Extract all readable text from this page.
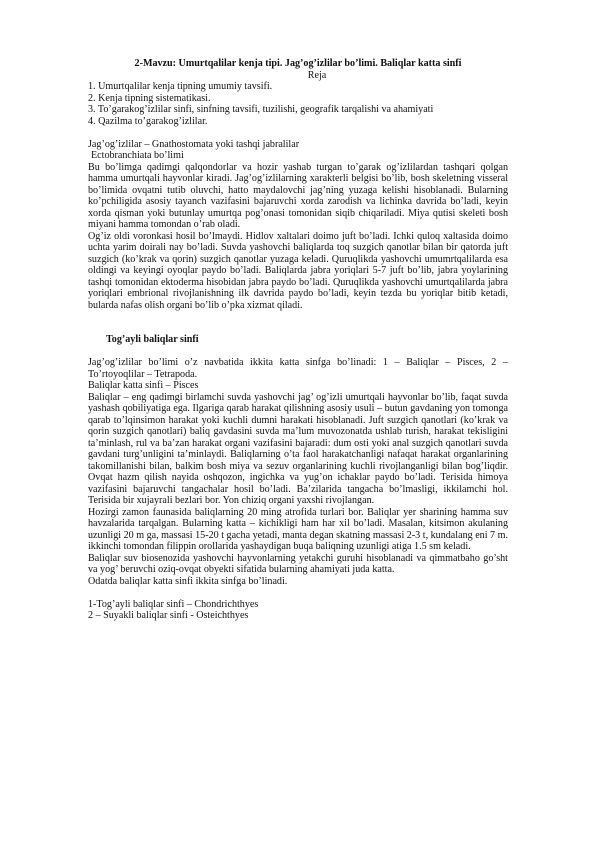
2-Mavzu: Umurtqalilar kenja tipi. Jag’og’izlilar bo’limi. Baliqlar katta sinfi
Reja
1. Umurtqalilar kenja tipning umumiy tavsifi.
2. Kenja tipning sistematikasi.
3. To’garakog’izlilar sinfi, sinfning tavsifi, tuzilishi, geografik tarqalishi va ahamiyati
4. Qazilma to’garakog’izlilar.
Jag’og’izlilar – Gnathostomata yoki tashqi jabralilar
Ectobranchiata bo’limi
Bu bo’limga qadimgi qalqondorlar va hozir yashab turgan to’garak og’izlilardan tashqari qolgan hamma umurtqali hayvonlar kiradi. Jag’og’izlilarning xarakterli belgisi bo’lib, bosh skeletning visseral bo’limida ovqatni tutib oluvchi, hatto maydalovchi jag’ning yuzaga kelishi hisoblanadi. Bularning ko’pchiligida asosiy tayanch vazifasini bajaruvchi xorda zarodish va lichinka davrida bo’ladi, keyin xorda qisman yoki butunlay umurtqa pog’onasi tomonidan siqib chiqariladi. Miya qutisi skeleti bosh miyani hamma tomondan o’rab oladi.
Og’iz oldi voronkasi hosil bo’lmaydi. Hidlov xaltalari doimo juft bo’ladi. Ichki quloq xaltasida doimo uchta yarim doirali nay bo’ladi. Suvda yashovchi baliqlarda toq suzgich qanotlar bilan bir qatorda juft suzgich (ko’krak va qorin) suzgich qanotlar yuzaga keladi. Quruqlikda yashovchi umumrtqalilarda esa oldingi va keyingi oyoqlar paydo bo’ladi. Baliqlarda jabra yoriqlari 5-7 juft bo’lib, jabra yoylarining tashqi tomonidan ektoderma hisobidan jabra paydo bo’ladi. Quruqlikda yashovchi umurtqalilarda jabra yoriqlari embrional rivojlanishning ilk davrida paydo bo’ladi, keyin tezda bu yoriqlar bitib ketadi, bularda nafas olish organi bo’lib o’pka xizmat qiladi.
Tog’ayli baliqlar sinfi
Jag’og’izlilar bo’limi o’z navbatida ikkita katta sinfga bo’linadi: 1 – Baliqlar – Pisces, 2 – To’rtoyoqlilar – Tetrapoda.
Baliqlar katta sinfi – Pisces
Baliqlar – eng qadimgi birlamchi suvda yashovchi jag’ og’izli umurtqali hayvonlar bo’lib, faqat suvda yashash qobiliyatiga ega. Ilgariga qarab harakat qilishning asosiy usuli – butun gavdaning yon tomonga qarab to’lqinsimon harakat yoki kuchli dumni harakati hisoblanadi. Juft suzgich qanotlari (ko’krak va qorin suzgich qanotlari) baliq gavdasini suvda ma’lum muvozonatda ushlab turish, harakat tekisligini ta’minlash, rul va ba’zan harakat organi vazifasini bajaradi: dum osti yoki anal suzgich qanotlari suvda gavdani turg’unligini ta’minlaydi. Baliqlarning o’ta faol harakatchanligi nafaqat harakat organlarining takomillanishi bilan, balkim bosh miya va sezuv organlarining kuchli rivojlanganligi bilan bog’liqdir. Ovqat hazm qilish nayida oshqozon, ingichka va yug’on ichaklar paydo bo’ladi. Terisida himoya vazifasini bajaruvchi tangachalar hosil bo’ladi. Ba’zilarida tangacha bo’lmasligi, ikkilamchi hol. Terisida bir xujayrali bezlari bor. Yon chiziq organi yaxshi rivojlangan.
Hozirgi zamon faunasida baliqlarning 20 ming atrofida turlari bor. Baliqlar yer sharining hamma suv havzalarida tarqalgan. Bularning katta – kichikligi ham har xil bo’ladi. Masalan, kitsimon akulaning uzunligi 20 m ga, massasi 15-20 t gacha yetadi, manta degan skatning massasi 2-3 t, kundalang eni 7 m. ikkinchi tomondan filippin orollarida yashaydigan buqa baliqning uzunligi atiga 1.5 sm keladi.
Baliqlar suv biosenozida yashovchi hayvonlarning yetakchi guruhi hisoblanadi va qimmatbaho go’sht va yog’ beruvchi oziq-ovqat obyekti sifatida bularning ahamiyati juda katta.
Odatda baliqlar katta sinfi ikkita sinfga bo’linadi.
1-Tog’ayli baliqlar sinfi – Chondrichthyes
2 – Suyakli baliqlar sinfi - Osteichthyes
